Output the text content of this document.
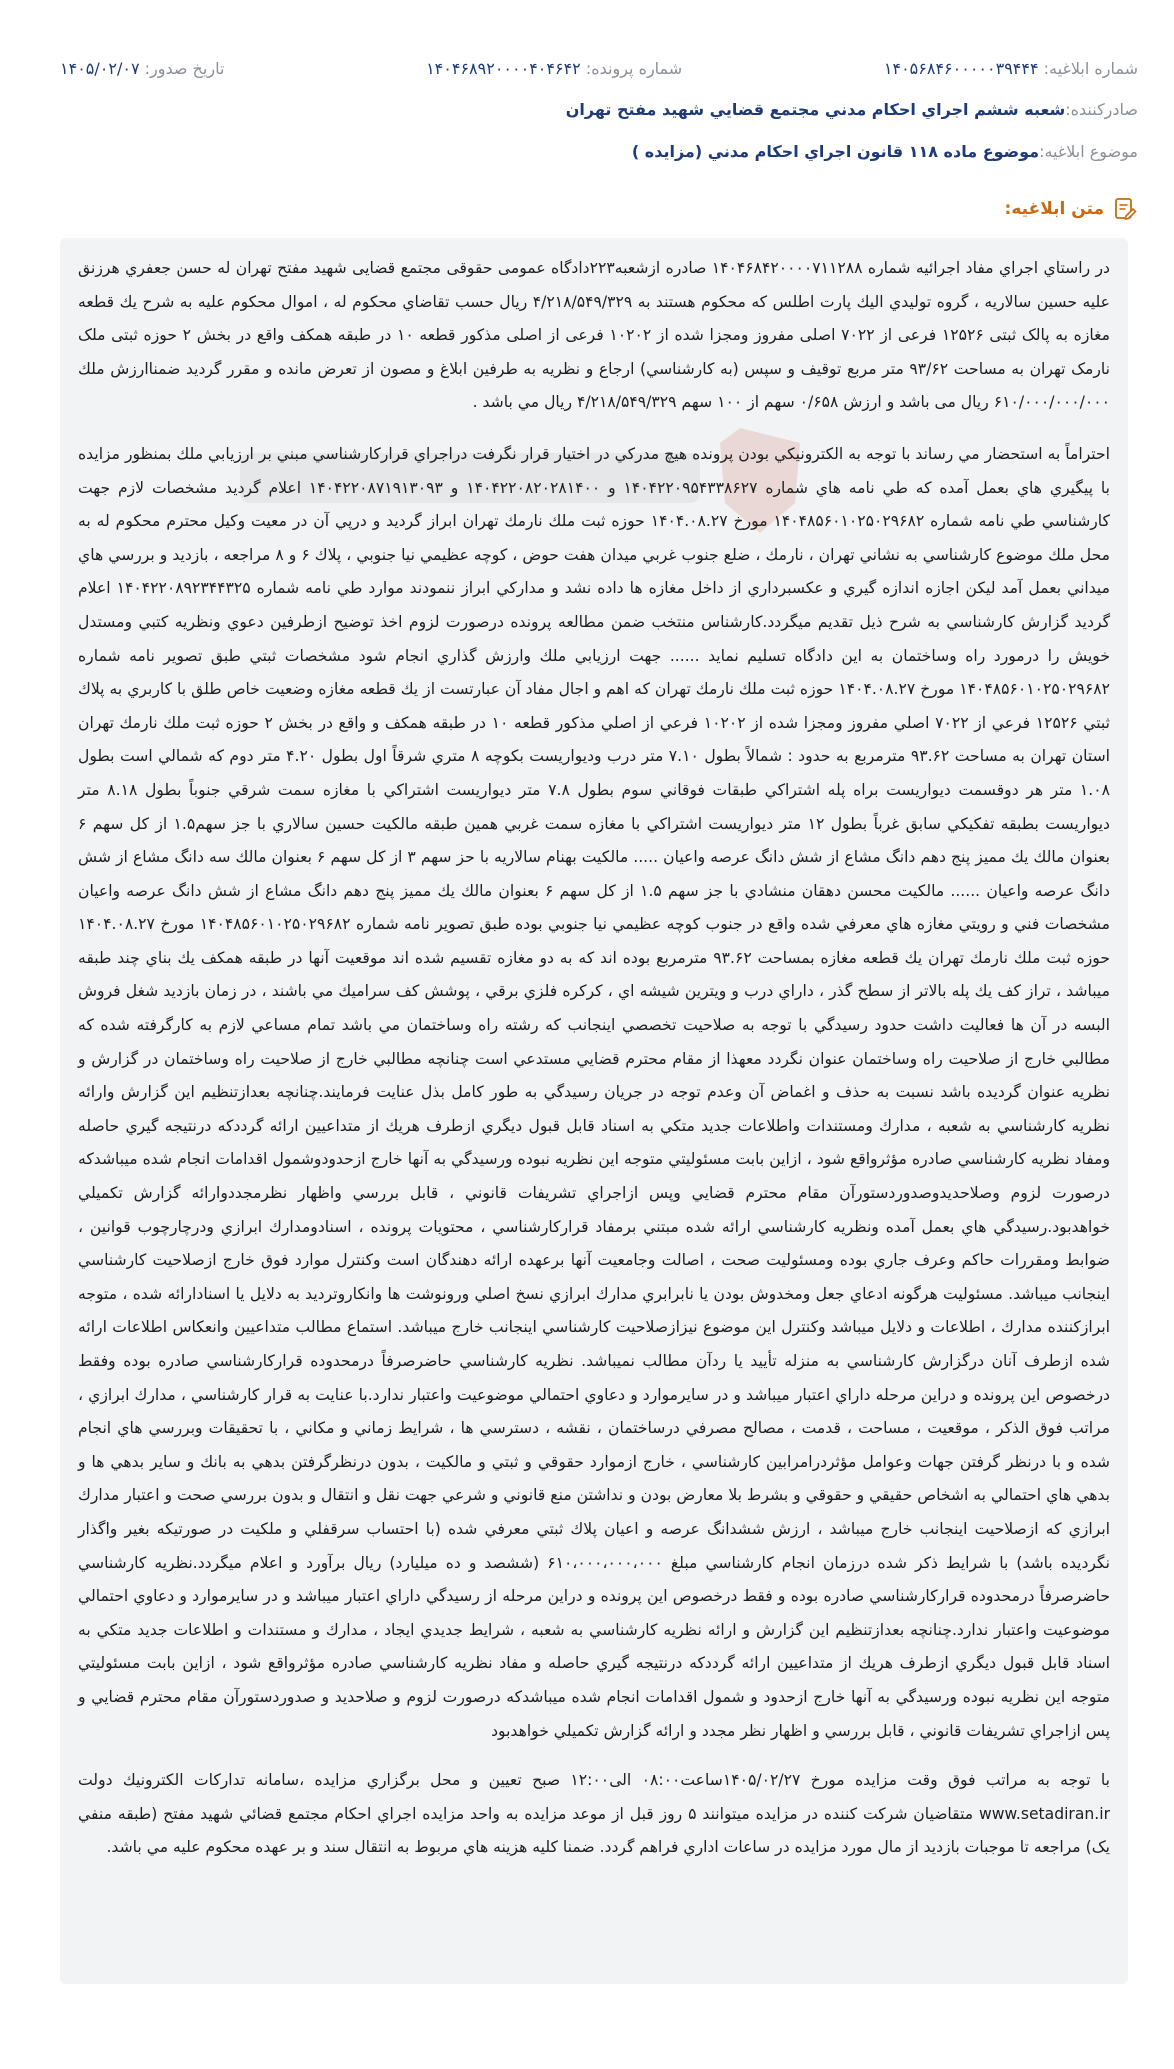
شماره ابلاغیه: ۱۴۰۵۶۸۴۶۰۰۰۰۰۳۹۴۴۴
شماره پرونده: ۱۴۰۴۶۸۹۲۰۰۰۰۴۰۴۶۴۲
تاریخ صدور: ۱۴۰۵/۰۲/۰۷
صادرکننده:
شعبه ششم اجراي احكام مدني مجتمع قضايي شهيد مفتح تهران
موضوع ابلاغیه:
موضوع ماده ۱۱۸ قانون اجراي احكام مدني (مزايده )
متن ابلاغیه:

در راستاي اجراي مفاد اجرائيه شماره ۱۴۰۴۶۸۴۲۰۰۰۰۷۱۱۲۸۸ صادره ازشعبه۲۲۳دادگاه عمومی حقوقی مجتمع قضایی شهید مفتح تهران له حسن جعفري هرزنق عليه حسين سالاريه ، گروه توليدي اليك پارت اطلس كه محكوم هستند به ۴/۲۱۸/۵۴۹/۳۲۹ ريال حسب تقاضاي محكوم له ، اموال محكوم عليه به شرح يك قطعه مغازه به پالک ثبتی ۱۲۵۲۶ فرعی از ۷۰۲۲ اصلی مفروز ومجزا شده از ۱۰۲۰۲ فرعی از اصلی مذکور قطعه ۱۰ در طبقه همکف واقع در بخش ۲ حوزه ثبتی ملک نارمک تهران به مساحت ۹۳/۶۲ متر مربع توقيف و سپس (به كارشناسي) ارجاع و نظريه به طرفين ابلاغ و مصون از تعرض مانده و مقرر گرديد ضمناارزش ملك ۶۱۰/۰۰۰/۰۰۰/۰۰۰ ريال می باشد و ارزش ۰/۶۵۸ سهم از ۱۰۰ سهم ۴/۲۱۸/۵۴۹/۳۲۹ ريال مي باشد .

احتراماً به استحضار مي رساند با توجه به الكترونيكي بودن پرونده هيچ مدركي در اختيار قرار نگرفت دراجراي قراركارشناسي مبني بر ارزيابي ملك بمنظور مزايده با پيگيري هاي بعمل آمده كه طي نامه هاي شماره ۱۴۰۴۲۲۰۹۵۴۳۳۸۶۲۷ و ۱۴۰۴۲۲۰۸۲۰۲۸۱۴۰۰ و ۱۴۰۴۲۲۰۸۷۱۹۱۳۰۹۳ اعلام گرديد مشخصات لازم جهت كارشناسي طي نامه شماره ۱۴۰۴۸۵۶۰۱۰۲۵۰۲۹۶۸۲ مورخ ۱۴۰۴.۰۸.۲۷ حوزه ثبت ملك نارمك تهران ابراز گرديد و درپي آن در معيت وكيل محترم محكوم له به محل ملك موضوع كارشناسي به نشاني تهران ، نارمك ، ضلع جنوب غربي ميدان هفت حوض ، كوچه عظيمي نيا جنوبي ، پلاك ۶ و ۸ مراجعه ، بازديد و بررسي هاي ميداني بعمل آمد ليكن اجازه اندازه گيري و عكسبرداري از داخل مغازه ها داده نشد و مداركي ابراز ننمودند موارد طي نامه شماره ۱۴۰۴۲۲۰۸۹۲۳۴۴۳۲۵ اعلام گرديد گزارش كارشناسي به شرح ذيل تقديم ميگردد.كارشناس منتخب ضمن مطالعه پرونده درصورت لزوم اخذ توضيح ازطرفين دعوي ونظريه كتبي ومستدل خويش را درمورد راه وساختمان به اين دادگاه تسليم نمايد ...... جهت ارزيابي ملك وارزش گذاري انجام شود مشخصات ثبتي طبق تصوير نامه شماره ۱۴۰۴۸۵۶۰۱۰۲۵۰۲۹۶۸۲ مورخ ۱۴۰۴.۰۸.۲۷ حوزه ثبت ملك نارمك تهران كه اهم و اجال مفاد آن عبارتست از يك قطعه مغازه وضعيت خاص طلق با كاربري به پلاك ثبتي ۱۲۵۲۶ فرعي از ۷۰۲۲ اصلي مفروز ومجزا شده از ۱۰۲۰۲ فرعي از اصلي مذكور قطعه ۱۰ در طبقه همكف و واقع در بخش ۲ حوزه ثبت ملك نارمك تهران استان تهران به مساحت ۹۳.۶۲ مترمربع به حدود : شمالاً بطول ۷.۱۰ متر درب وديواريست بكوچه ۸ متري شرقاً اول بطول ۴.۲۰ متر دوم كه شمالي است بطول ۱.۰۸ متر هر دوقسمت ديواريست براه پله اشتراكي طبقات فوقاني سوم بطول ۷.۸ متر ديواريست اشتراكي با مغازه سمت شرقي جنوباً بطول ۸.۱۸ متر ديواريست بطبقه تفكيكي سابق غرباً بطول ۱۲ متر ديواريست اشتراكي با مغازه سمت غربي همين طبقه مالكيت حسين سالاري با جز سهم۱.۵ از كل سهم ۶ بعنوان مالك يك مميز پنج دهم دانگ مشاع از شش دانگ عرصه واعيان ..... مالكيت بهنام سالاريه با حز سهم ۳ از كل سهم ۶ بعنوان مالك سه دانگ مشاع از شش دانگ عرصه واعيان ...... مالكيت محسن دهقان منشادي با جز سهم ۱.۵ از كل سهم ۶ بعنوان مالك يك مميز پنج دهم دانگ مشاع از شش دانگ عرصه واعيان مشخصات فني و رويتي مغازه هاي معرفي شده واقع در جنوب كوچه عظيمي نيا جنوبي بوده طبق تصوير نامه شماره ۱۴۰۴۸۵۶۰۱۰۲۵۰۲۹۶۸۲ مورخ ۱۴۰۴.۰۸.۲۷ حوزه ثبت ملك نارمك تهران يك قطعه مغازه بمساحت ۹۳.۶۲ مترمربع بوده اند كه به دو مغازه تقسيم شده اند موقعيت آنها در طبقه همكف يك بناي چند طبقه ميباشد ، تراز كف يك پله بالاتر از سطح گذر ، داراي درب و ويترين شيشه اي ، كركره فلزي برقي ، پوشش كف سراميك مي باشند ، در زمان بازديد شغل فروش البسه در آن ها فعاليت داشت حدود رسيدگي با توجه به صلاحيت تخصصي اينجانب كه رشته راه وساختمان مي باشد تمام مساعي لازم به كارگرفته شده كه مطالبي خارج از صلاحيت راه وساختمان عنوان نگردد معهذا از مقام محترم قضايي مستدعي است چنانچه مطالبي خارج از صلاحيت راه وساختمان در گزارش و نظريه عنوان گرديده باشد نسبت به حذف و اغماض آن وعدم توجه در جريان رسيدگي به طور كامل بذل عنايت فرمايند.چنانچه بعدازتنظيم اين گزارش وارائه نظريه كارشناسي به شعبه ، مدارك ومستندات واطلاعات جديد متكي به اسناد قابل قبول ديگري ازطرف هريك از متداعيين ارائه گرددكه درنتيجه گيري حاصله ومفاد نظريه كارشناسي صادره مؤثرواقع شود ، ازاين بابت مسئوليتي متوجه اين نظريه نبوده ورسيدگي به آنها خارج ازحدودوشمول اقدامات انجام شده ميباشدكه درصورت لزوم وصلاحديدوصدوردستورآن مقام محترم قضايي وپس ازاجراي تشريفات قانوني ، قابل بررسي واظهار نظرمجددوارائه گزارش تكميلي خواهدبود.رسيدگي هاي بعمل آمده ونظريه كارشناسي ارائه شده مبتني برمفاد قراركارشناسي ، محتويات پرونده ، اسنادومدارك ابرازي ودرچارچوب قوانين ، ضوابط ومقررات حاكم وعرف جاري بوده ومسئوليت صحت ، اصالت وجامعيت آنها برعهده ارائه دهندگان است وكنترل موارد فوق خارج ازصلاحيت كارشناسي اينجانب ميباشد. مسئوليت هرگونه ادعاي جعل ومخدوش بودن يا نابرابري مدارك ابرازي نسخ اصلي ورونوشت ها وانكاروترديد به دلايل يا اسنادارائه شده ، متوجه ابرازكننده مدارك ، اطلاعات و دلايل ميباشد وكنترل اين موضوع نيزازصلاحيت كارشناسي اينجانب خارج ميباشد. استماع مطالب متداعيين وانعكاس اطلاعات ارائه شده ازطرف آنان درگزارش كارشناسي به منزله تأييد يا ردآن مطالب نميباشد. نظريه كارشناسي حاضرصرفاً درمحدوده قراركارشناسي صادره بوده وفقط درخصوص اين پرونده و دراين مرحله داراي اعتبار ميباشد و در سايرموارد و دعاوي احتمالي موضوعيت واعتبار ندارد.با عنايت به قرار كارشناسي ، مدارك ابرازي ، مراتب فوق الذكر ، موقعيت ، مساحت ، قدمت ، مصالح مصرفي درساختمان ، نقشه ، دسترسي ها ، شرايط زماني و مكاني ، با تحقيقات وبررسي هاي انجام شده و با درنظر گرفتن جهات وعوامل مؤثردرامرابين كارشناسي ، خارج ازموارد حقوقي و ثبتي و مالكيت ، بدون درنظرگرفتن بدهي به بانك و ساير بدهي ها و بدهي هاي احتمالي به اشخاص حقيقي و حقوقي و بشرط بلا معارض بودن و نداشتن منع قانوني و شرعي جهت نقل و انتقال و بدون بررسي صحت و اعتبار مدارك ابرازي كه ازصلاحيت اينجانب خارج ميباشد ، ارزش ششدانگ عرصه و اعيان پلاك ثبتي معرفي شده (با احتساب سرقفلي و ملكيت در صورتيكه بغير واگذار نگرديده باشد) با شرايط ذكر شده درزمان انجام كارشناسي مبلغ ۶۱۰،۰۰۰،۰۰۰،۰۰۰ (ششصد و ده ميليارد) ريال برآورد و اعلام ميگردد.نظريه كارشناسي حاضرصرفاً درمحدوده قراركارشناسي صادره بوده و فقط درخصوص اين پرونده و دراين مرحله از رسيدگي داراي اعتبار ميباشد و در سايرموارد و دعاوي احتمالي موضوعيت واعتبار ندارد.چنانچه بعدازتنظيم اين گزارش و ارائه نظريه كارشناسي به شعبه ، شرايط جديدي ايجاد ، مدارك و مستندات و اطلاعات جديد متكي به اسناد قابل قبول ديگري ازطرف هريك از متداعيين ارائه گرددكه درنتيجه گيري حاصله و مفاد نظريه كارشناسي صادره مؤثرواقع شود ، ازاين بابت مسئوليتي متوجه اين نظريه نبوده ورسيدگي به آنها خارج ازحدود و شمول اقدامات انجام شده ميباشدكه درصورت لزوم و صلاحديد و صدوردستورآن مقام محترم قضايي و پس ازاجراي تشريفات قانوني ، قابل بررسي و اظهار نظر مجدد و ارائه گزارش تكميلي خواهدبود

با توجه به مراتب فوق وقت مزايده مورخ ۱۴۰۵/۰۲/۲۷ساعت۰۸:۰۰ الی۱۲:۰۰ صبح تعيين و محل برگزاري مزايده ،سامانه تداركات الكترونيك دولت www.setadiran.ir متقاضيان شركت كننده در مزايده ميتوانند ۵ روز قبل از موعد مزايده به واحد مزايده اجراي احكام مجتمع قضائي شهيد مفتح (طبقه منفي يک) مراجعه تا موجبات بازديد از مال مورد مزايده در ساعات اداري فراهم گردد. ضمنا كليه هزينه هاي مربوط به انتقال سند و بر عهده محكوم عليه مي باشد.
